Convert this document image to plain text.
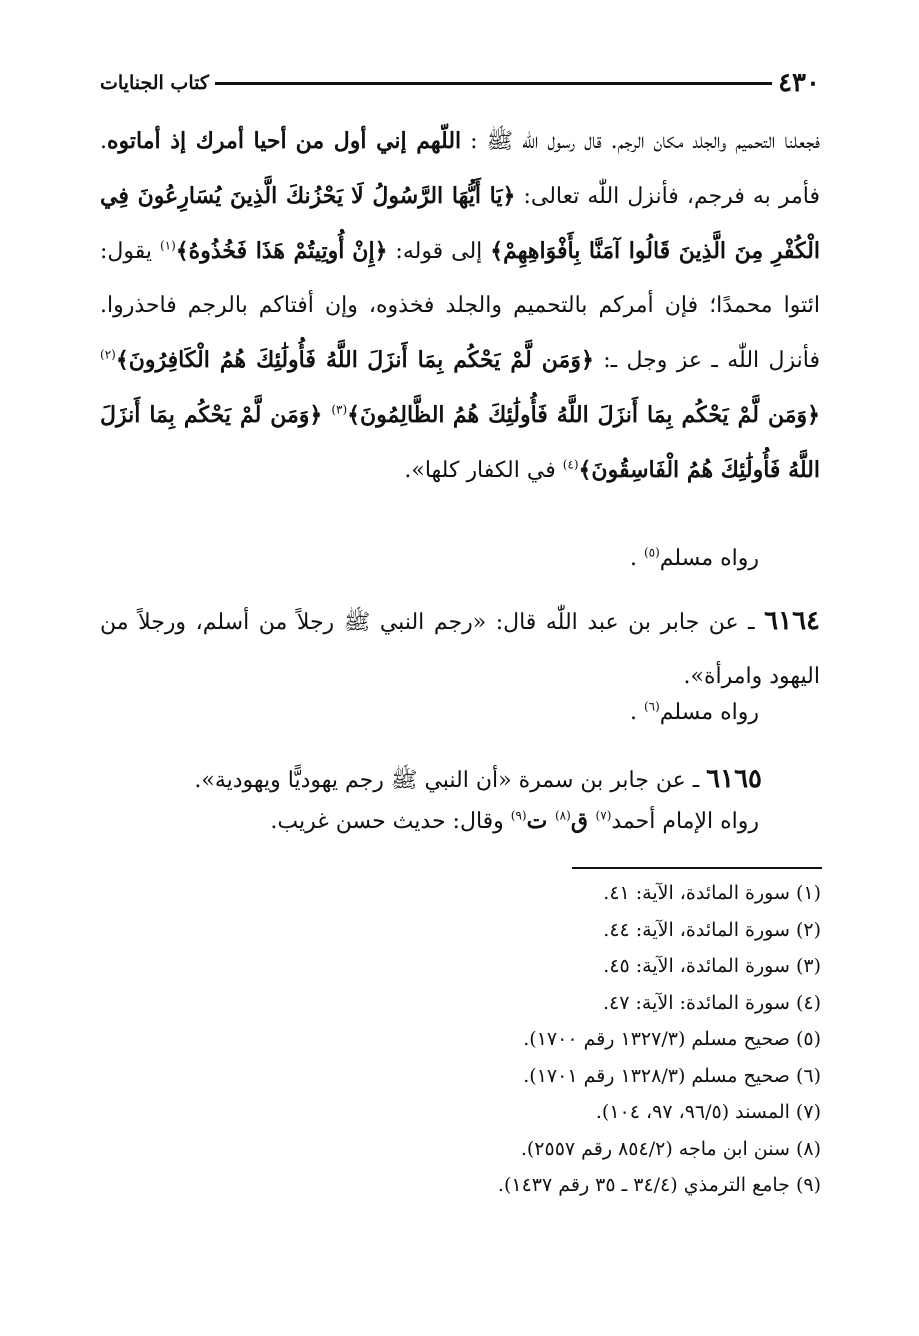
٤٣٠
كتاب الجنايات
فجعلنا التحميم والجلد مكان الرجم. قال رسول اللّٰه ﷺ : اللّهم إني أول من أحيا أمرك إذ أماتوه. فأمر به فرجم، فأنزل اللّٰه تعالى: ﴿يَا أَيُّهَا الرَّسُولُ لَا يَحْزُنكَ الَّذِينَ يُسَارِعُونَ فِي الْكُفْرِ مِنَ الَّذِينَ قَالُوا آمَنَّا بِأَفْوَاهِهِمْ﴾ إلى قوله: ﴿إِنْ أُوتِيتُمْ هَذَا فَخُذُوهُ﴾$^{(١)}$ يقول: ائتوا محمدًا؛ فإن أمركم بالتحميم والجلد فخذوه، وإن أفتاكم بالرجم فاحذروا. فأنزل اللّٰه ـ عز وجل ـ: ﴿وَمَن لَّمْ يَحْكُم بِمَا أَنزَلَ اللَّهُ فَأُولَٰئِكَ هُمُ الْكَافِرُونَ﴾$^{(٢)}$ ﴿وَمَن لَّمْ يَحْكُم بِمَا أَنزَلَ اللَّهُ فَأُولَٰئِكَ هُمُ الظَّالِمُونَ﴾$^{(٣)}$ ﴿وَمَن لَّمْ يَحْكُم بِمَا أَنزَلَ اللَّهُ فَأُولَٰئِكَ هُمُ الْفَاسِقُونَ﴾$^{(٤)}$ في الكفار كلها».
رواه مسلم$^{(٥)}$ .
٦١٦٤ ـ عن جابر بن عبد اللّٰه قال: «رجم النبي ﷺ رجلاً من أسلم، ورجلاً من اليهود وامرأة».
رواه مسلم$^{(٦)}$ .
٦١٦٥ ـ عن جابر بن سمرة «أن النبي ﷺ رجم يهوديًّا ويهودية».
رواه الإمام أحمد$^{(٧)}$ ق$^{(٨)}$ ت$^{(٩)}$ وقال: حديث حسن غريب.
(١) سورة المائدة، الآية: ٤١.
(٢) سورة المائدة، الآية: ٤٤.
(٣) سورة المائدة، الآية: ٤٥.
(٤) سورة المائدة: الآية: ٤٧.
(٥) صحيح مسلم (١٣٢٧/٣ رقم ١٧٠٠).
(٦) صحيح مسلم (١٣٢٨/٣ رقم ١٧٠١).
(٧) المسند (٩٦/٥، ٩٧، ١٠٤).
(٨) سنن ابن ماجه (٨٥٤/٢ رقم ٢٥٥٧).
(٩) جامع الترمذي (٣٤/٤ ـ ٣٥ رقم ١٤٣٧).
